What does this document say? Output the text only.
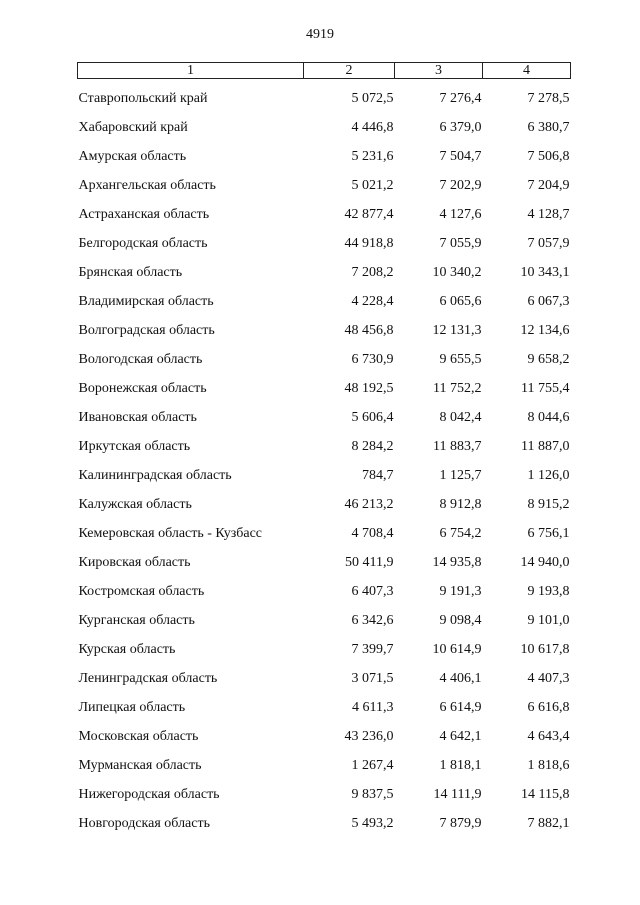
4919
1	2	3	4
Ставропольский край	5 072,5	7 276,4	7 278,5
Хабаровский край	4 446,8	6 379,0	6 380,7
Амурская область	5 231,6	7 504,7	7 506,8
Архангельская область	5 021,2	7 202,9	7 204,9
Астраханская область	42 877,4	4 127,6	4 128,7
Белгородская область	44 918,8	7 055,9	7 057,9
Брянская область	7 208,2	10 340,2	10 343,1
Владимирская область	4 228,4	6 065,6	6 067,3
Волгоградская область	48 456,8	12 131,3	12 134,6
Вологодская область	6 730,9	9 655,5	9 658,2
Воронежская область	48 192,5	11 752,2	11 755,4
Ивановская область	5 606,4	8 042,4	8 044,6
Иркутская область	8 284,2	11 883,7	11 887,0
Калининградская область	784,7	1 125,7	1 126,0
Калужская область	46 213,2	8 912,8	8 915,2
Кемеровская область - Кузбасс	4 708,4	6 754,2	6 756,1
Кировская область	50 411,9	14 935,8	14 940,0
Костромская область	6 407,3	9 191,3	9 193,8
Курганская область	6 342,6	9 098,4	9 101,0
Курская область	7 399,7	10 614,9	10 617,8
Ленинградская область	3 071,5	4 406,1	4 407,3
Липецкая область	4 611,3	6 614,9	6 616,8
Московская область	43 236,0	4 642,1	4 643,4
Мурманская область	1 267,4	1 818,1	1 818,6
Нижегородская область	9 837,5	14 111,9	14 115,8
Новгородская область	5 493,2	7 879,9	7 882,1
